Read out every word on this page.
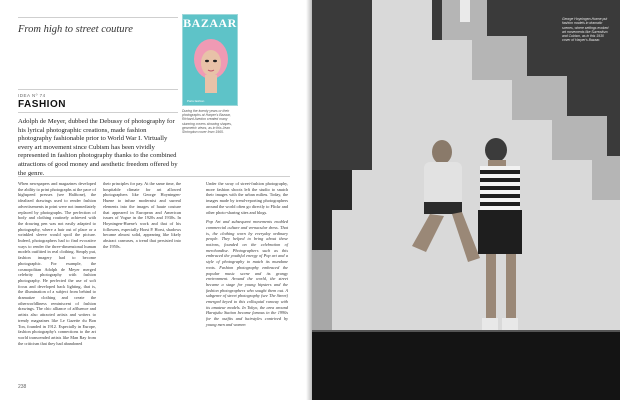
From high to street couture	BAZAAR
Paris fashion
During the twenty years or their photographs at Harper's Bazaar, Richard Avedon created many stunning covers showing shapes, geometric views, as in this Jean Shrimpton cover from 1965.
IDEA Nº 74
FASHION
Adolph de Meyer, dubbed the Debussy of photography for his lyrical photographic creations, made fashion photography fashionable prior to World War I. Virtually every art movement since Cubism has been vividly represented in fashion photography thanks to the combined attractions of good money and aesthetic freedom offered by the genre.
When newspapers and magazines developed the ability to print photographs at the pace of highspeed presses (see Halftone), the idealized drawings used to render fashion advertisements in print were not immediately replaced by photographs. The perfection of body and clothing routinely achieved with the drawing pen was not easily adapted to photography, where a hair out of place or a wrinkled sleeve would spoil the picture. Indeed, photographers had to find evocative ways to render the three-dimensional human models outfitted in real clothing. Simply put, fashion imagery had to become photographic. For example, the cosmopolitan Adolph de Meyer merged celebrity photography with fashion photography. He perfected the use of soft focus and developed back lighting, that is, the illumination of a subject from behind to dramatize clothing and create the otherworldliness reminiscent of fashion drawings. The chic alliance of affluence and artists also attracted artists and writers to trendy magazines like Le Gazette du Bon Ton, founded in 1912. Especially in Europe, fashion photography's connections to the art world transcended artists like Man Ray from the criticism that they had abandoned
their principles for pay. At the same time, the hospitable climate for art allowed photographers like George Hoyningen-Huene to infuse modernist and surreal elements into the images of haute couture that appeared in European and American issues of Vogue in the 1920s and 1930s. In Hoyningen-Huene's work and that of his followers, especially Horst P. Horst, shadows became almost solid, appearing like likely abstract canvases, a trend that persisted into the 1950s.

Under the sway of street-fashion photography, more fashion shoots left the studio to snatch their images with the urban milieu. Today, the images made by trend-reporting photographers around the world often go directly to Flickr and other photo-sharing sites and blogs.

Pop Art and subsequent movements enabled commercial culture and vernacular dress. That is, the clothing worn by everyday ordinary people. They helped to bring about these notions, founded on the celebration of merchandise. Photographers such as this embraced the youthful energy of Pop art and a style of photography to match its mundane roots. Fashion photography embraced the popular music scene and its grungy environment. Around the world, the street became a stage for young hipsters and the fashion photographers who sought them out. A subgenre of street photography (see The Street) emerged keyed to this colloquial runway with its amateur models. In Tokyo, the area around Harajuku Station became famous in the 1990s for the outfits and hairstyles contrived by young men and women

238
George Hoyningen-Huene put fashion models in dramatic scenes, where settings evoked art movements like Surrealism and Cubism, as in this 1930 cover of Harper's Bazaar.
